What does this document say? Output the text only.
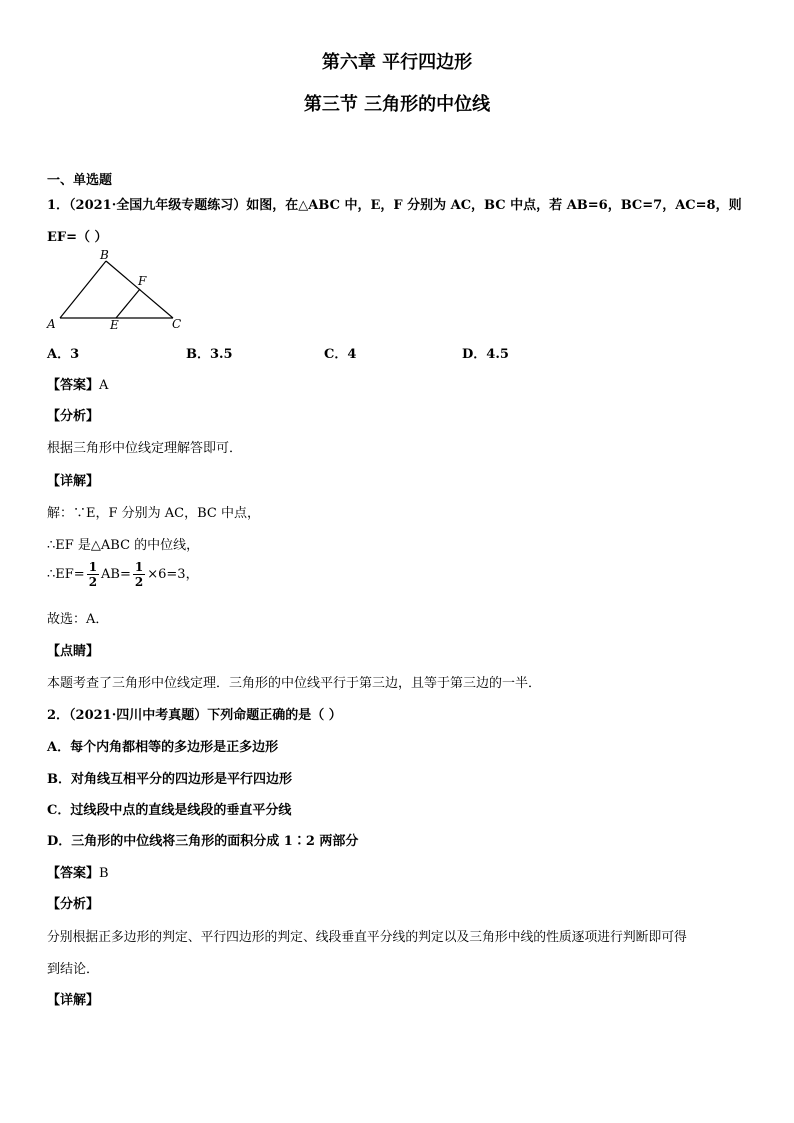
第六章 平行四边形
第三节 三角形的中位线
一、单选题
1．（2021·全国九年级专题练习）如图，在△ABC 中，E，F 分别为 AC，BC 中点，若 AB=6，BC=7，AC=8，则
EF=（ ）
B
F
A	E	C
A．3	B．3.5	C．4	D．4.5
【答案】A
【分析】
根据三角形中位线定理解答即可．
【详解】
解：∵E，F 分别为 AC，BC 中点，
∴EF 是△ABC 的中位线，
∴EF= $\frac{1}{2} AB= \frac{1}{2} \times 6=3$，
故选：A．
【点睛】
本题考查了三角形中位线定理．三角形的中位线平行于第三边，且等于第三边的一半．
2．（2021·四川中考真题）下列命题正确的是（ ）
A．每个内角都相等的多边形是正多边形
B．对角线互相平分的四边形是平行四边形
C．过线段中点的直线是线段的垂直平分线
D．三角形的中位线将三角形的面积分成 1∶2 两部分
【答案】B
【分析】
分别根据正多边形的判定、平行四边形的判定、线段垂直平分线的判定以及三角形中线的性质逐项进行判断即可得
到结论．
【详解】
